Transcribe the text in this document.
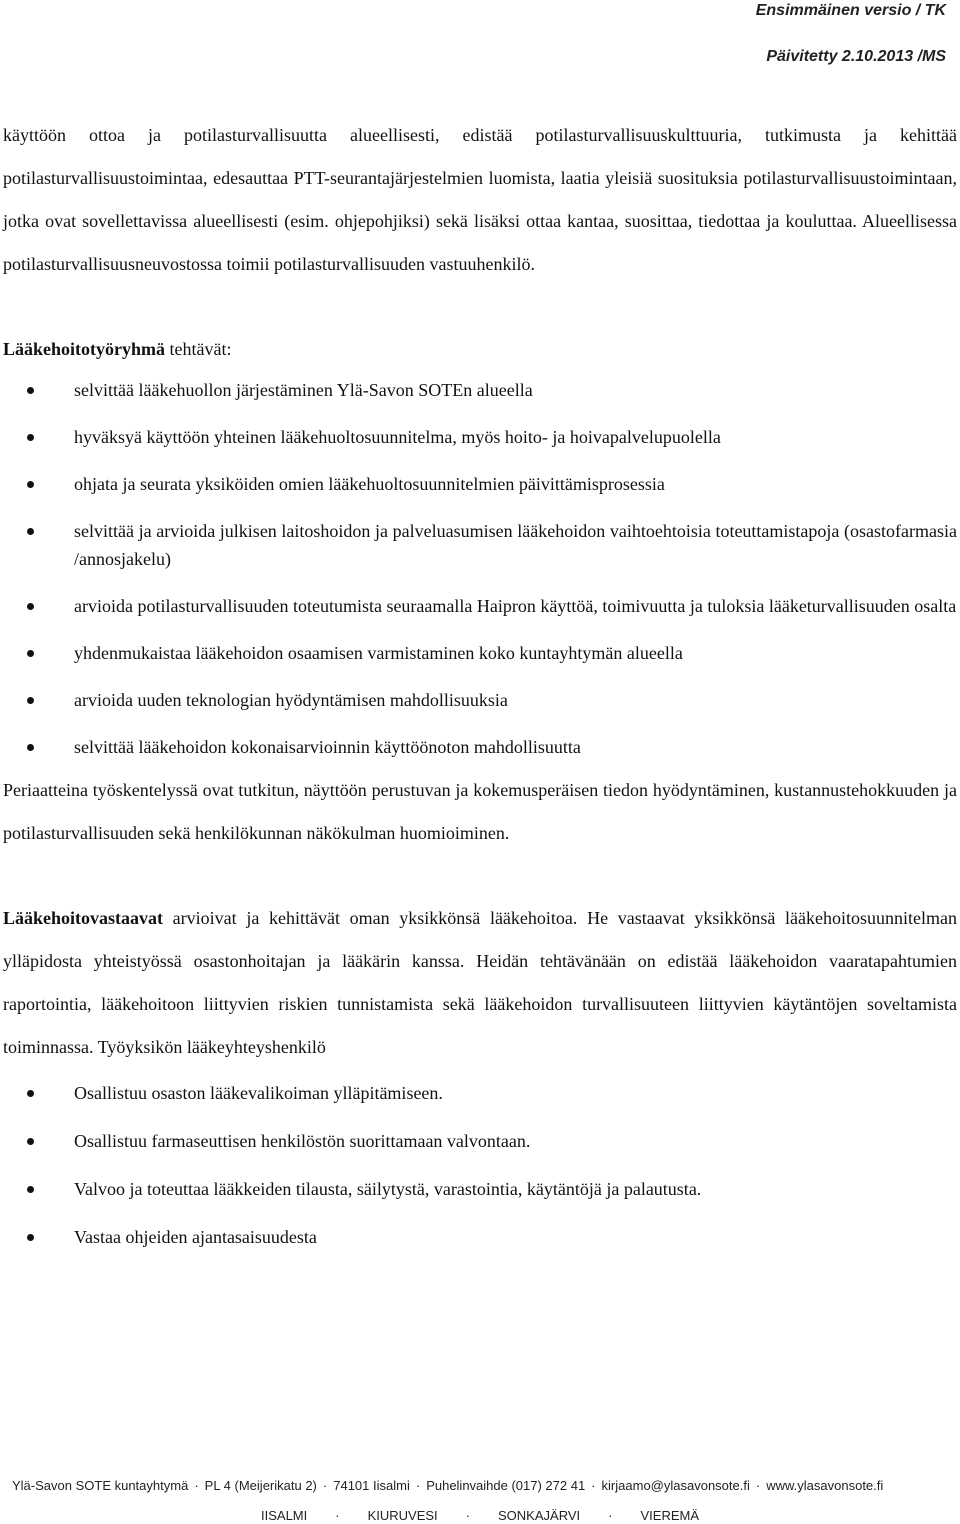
Ensimmäinen versio / TK
Päivitetty 2.10.2013 /MS

käyttöön ottoa ja potilasturvallisuutta alueellisesti, edistää potilasturvallisuuskulttuuria, tutkimusta ja kehittää potilasturvallisuustoimintaa, edesauttaa PTT-seurantajärjestelmien luomista, laatia yleisiä suosituksia potilasturvallisuustoimintaan, jotka ovat sovellettavissa alueellisesti (esim. ohjepohjiksi) sekä lisäksi ottaa kantaa, suosittaa, tiedottaa ja kouluttaa. Alueellisessa potilasturvallisuusneuvostossa toimii potilasturvallisuuden vastuuhenkilö.

Lääkehoitotyöryhmä tehtävät:

selvittää lääkehuollon järjestäminen Ylä-Savon SOTEn alueella
hyväksyä käyttöön yhteinen lääkehuoltosuunnitelma, myös hoito- ja hoivapalvelupuolella
ohjata ja seurata yksiköiden omien lääkehuoltosuunnitelmien päivittämisprosessia
selvittää ja arvioida julkisen laitoshoidon ja palveluasumisen lääkehoidon vaihtoehtoisia toteuttamistapoja (osastofarmasia /annosjakelu)
arvioida potilasturvallisuuden toteutumista seuraamalla Haipron käyttöä, toimivuutta ja tuloksia lääketurvallisuuden osalta
yhdenmukaistaa lääkehoidon osaamisen varmistaminen koko kuntayhtymän alueella
arvioida uuden teknologian hyödyntämisen mahdollisuuksia
selvittää lääkehoidon kokonaisarvioinnin käyttöönoton mahdollisuutta

Periaatteina työskentelyssä ovat tutkitun, näyttöön perustuvan ja kokemusperäisen tiedon hyödyntäminen, kustannustehokkuuden ja potilasturvallisuuden sekä henkilökunnan näkökulman huomioiminen.

Lääkehoitovastaavat arvioivat ja kehittävät oman yksikkönsä lääkehoitoa. He vastaavat yksikkönsä lääkehoitosuunnitelman ylläpidosta yhteistyössä osastonhoitajan ja lääkärin kanssa. Heidän tehtävänään on edistää lääkehoidon vaaratapahtumien raportointia, lääkehoitoon liittyvien riskien tunnistamista sekä lääkehoidon turvallisuuteen liittyvien käytäntöjen soveltamista toiminnassa. Työyksikön lääkeyhteyshenkilö

Osallistuu osaston lääkevalikoiman ylläpitämiseen.
Osallistuu farmaseuttisen henkilöstön suorittamaan valvontaan.
Valvoo ja toteuttaa lääkkeiden tilausta, säilytystä, varastointia, käytäntöjä ja palautusta.
Vastaa ohjeiden ajantasaisuudesta
Ylä-Savon SOTE kuntayhtymä · PL 4 (Meijerikatu 2) · 74101 Iisalmi · Puhelinvaihde (017) 272 41 · kirjaamo@ylasavonsote.fi · www.ylasavonsote.fi
IISALMI · KIURUVESI · SONKAJÄRVI · VIEREMÄ
